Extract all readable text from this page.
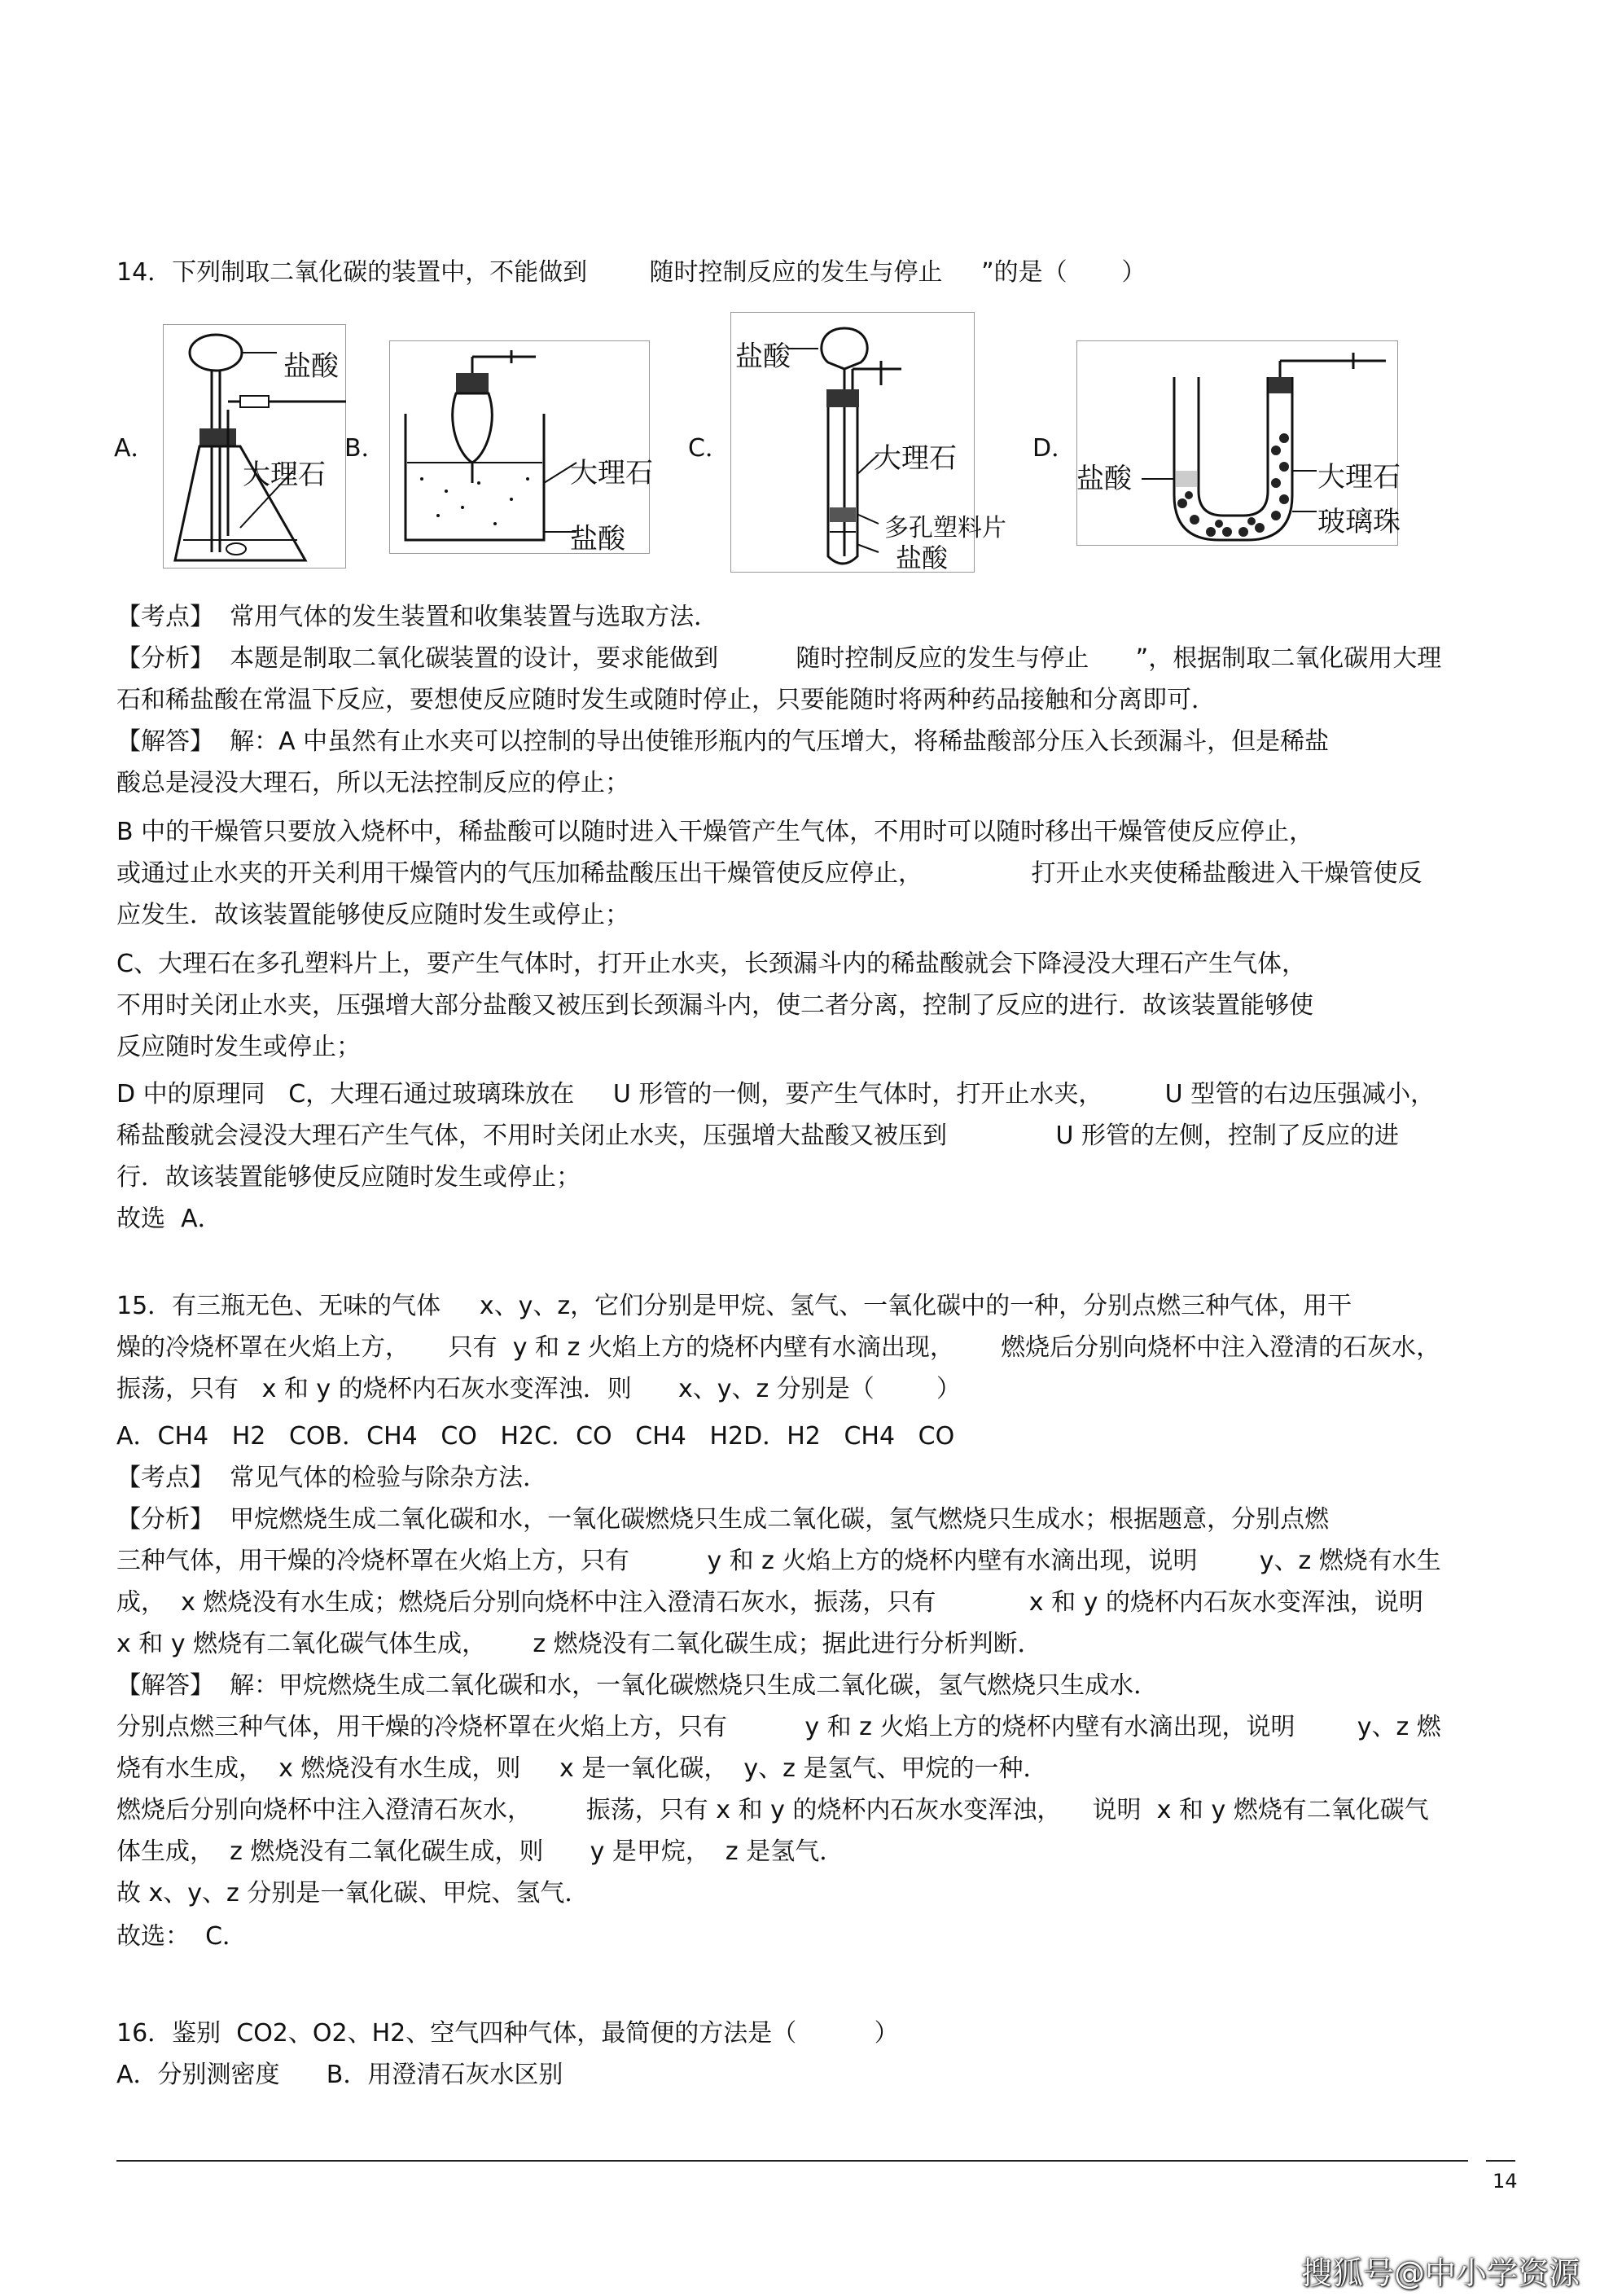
14．下列制取二氧化碳的装置中，不能做到        随时控制反应的发生与停止     ”的是（       ）
A．
盐酸
大理石
B．
大理石
盐酸
C．
盐酸
大理石
多孔塑料片
盐酸
D．
盐酸	大理石
玻璃珠
【考点】  常用气体的发生装置和收集装置与选取方法．
【分析】  本题是制取二氧化碳装置的设计，要求能做到          随时控制反应的发生与停止      ”，根据制取二氧化碳用大理
石和稀盐酸在常温下反应，要想使反应随时发生或随时停止，只要能随时将两种药品接触和分离即可．
【解答】  解：A 中虽然有止水夹可以控制的导出使锥形瓶内的气压增大，将稀盐酸部分压入长颈漏斗，但是稀盐
酸总是浸没大理石，所以无法控制反应的停止；
B 中的干燥管只要放入烧杯中，稀盐酸可以随时进入干燥管产生气体，不用时可以随时移出干燥管使反应停止，
或通过止水夹的开关利用干燥管内的气压加稀盐酸压出干燥管使反应停止，              打开止水夹使稀盐酸进入干燥管使反
应发生．故该装置能够使反应随时发生或停止；
C、大理石在多孔塑料片上，要产生气体时，打开止水夹，长颈漏斗内的稀盐酸就会下降浸没大理石产生气体，
不用时关闭止水夹，压强增大部分盐酸又被压到长颈漏斗内，使二者分离，控制了反应的进行．故该装置能够使
反应随时发生或停止；
D 中的原理同   C，大理石通过玻璃珠放在     U 形管的一侧，要产生气体时，打开止水夹，        U 型管的右边压强减小，
稀盐酸就会浸没大理石产生气体，不用时关闭止水夹，压强增大盐酸又被压到              U 形管的左侧，控制了反应的进
行．故该装置能够使反应随时发生或停止；
故选  A．
15．有三瓶无色、无味的气体     x、y、z，它们分别是甲烷、氢气、一氧化碳中的一种，分别点燃三种气体，用干
燥的冷烧杯罩在火焰上方，     只有  y 和 z 火焰上方的烧杯内壁有水滴出现，      燃烧后分别向烧杯中注入澄清的石灰水，
振荡，只有   x 和 y 的烧杯内石灰水变浑浊．则      x、y、z 分别是（        ）
A．CH4   H2   COB．CH4   CO   H2C．CO   CH4   H2D．H2   CH4   CO
【考点】  常见气体的检验与除杂方法．
【分析】  甲烷燃烧生成二氧化碳和水，一氧化碳燃烧只生成二氧化碳，氢气燃烧只生成水；根据题意，分别点燃
三种气体，用干燥的冷烧杯罩在火焰上方，只有          y 和 z 火焰上方的烧杯内壁有水滴出现，说明        y、z 燃烧有水生
成，  x 燃烧没有水生成；燃烧后分别向烧杯中注入澄清石灰水，振荡，只有            x 和 y 的烧杯内石灰水变浑浊，说明
x 和 y 燃烧有二氧化碳气体生成，      z 燃烧没有二氧化碳生成；据此进行分析判断．
【解答】  解：甲烷燃烧生成二氧化碳和水，一氧化碳燃烧只生成二氧化碳，氢气燃烧只生成水．
分别点燃三种气体，用干燥的冷烧杯罩在火焰上方，只有          y 和 z 火焰上方的烧杯内壁有水滴出现，说明        y、z 燃
烧有水生成，  x 燃烧没有水生成，则     x 是一氧化碳，  y、z 是氢气、甲烷的一种．
燃烧后分别向烧杯中注入澄清石灰水，       振荡，只有 x 和 y 的烧杯内石灰水变浑浊，    说明  x 和 y 燃烧有二氧化碳气
体生成，  z 燃烧没有二氧化碳生成，则      y 是甲烷，  z 是氢气．
故 x、y、z 分别是一氧化碳、甲烷、氢气．
故选：  C．
16．鉴别  CO2、O2、H2、空气四种气体，最简便的方法是（          ）
A．分别测密度      B．用澄清石灰水区别
14
搜狐号@中小学资源
